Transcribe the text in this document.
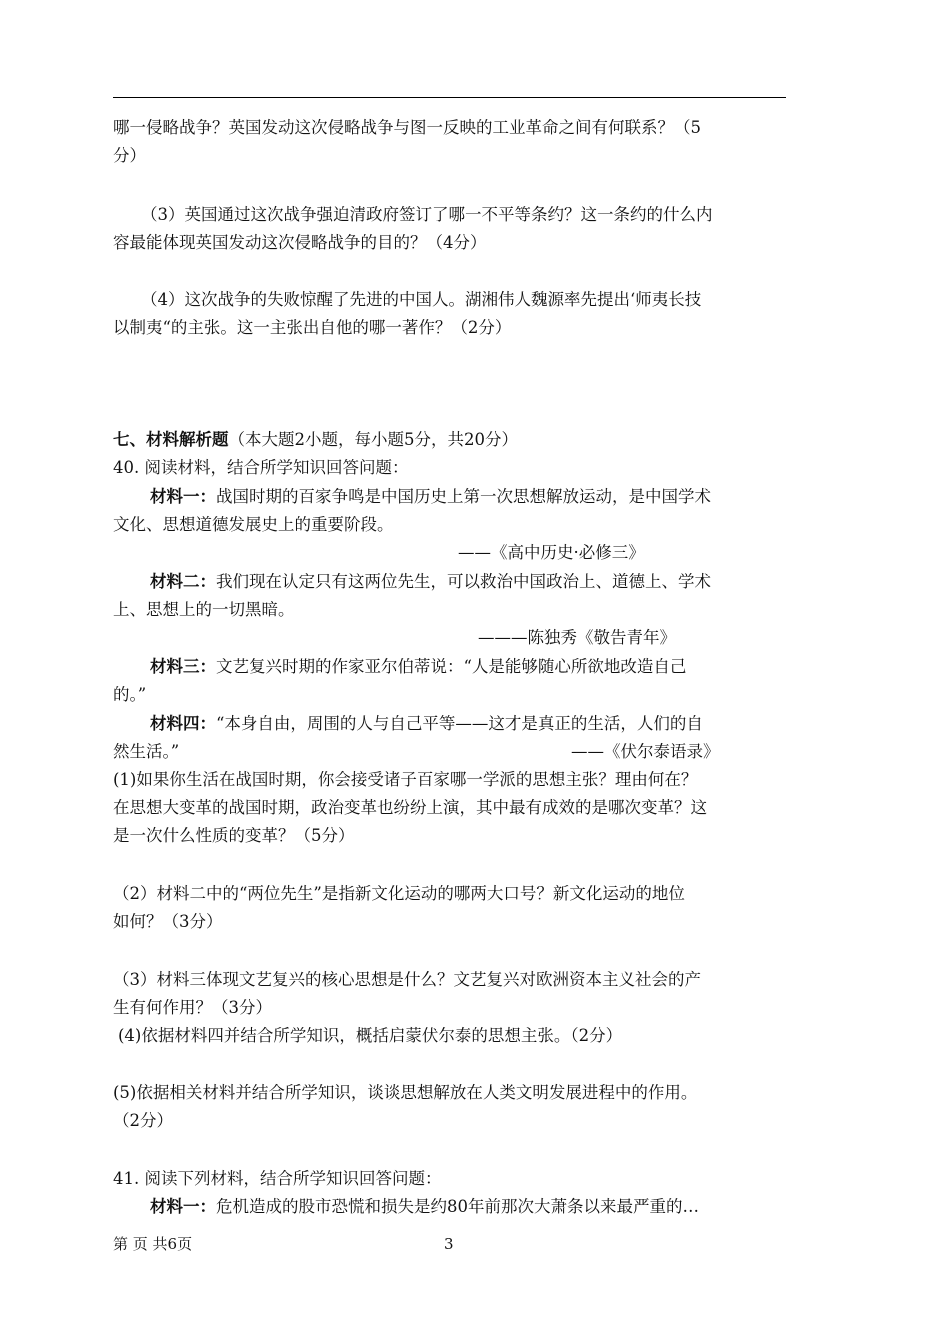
哪一侵略战争？英国发动这次侵略战争与图一反映的工业革命之间有何联系？（5
分）
（3）英国通过这次战争强迫清政府签订了哪一不平等条约？这一条约的什么内
容最能体现英国发动这次侵略战争的目的？（4分）
（4）这次战争的失败惊醒了先进的中国人。湖湘伟人魏源率先提出‘师夷长技
以制夷“的主张。这一主张出自他的哪一著作？（2分）
七、材料解析题（本大题2小题，每小题5分，共20分）
40. 阅读材料，结合所学知识回答问题：
材料一：战国时期的百家争鸣是中国历史上第一次思想解放运动，是中国学术
文化、思想道德发展史上的重要阶段。
——《高中历史·必修三》
材料二：我们现在认定只有这两位先生，可以救治中国政治上、道德上、学术
上、思想上的一切黑暗。
———陈独秀《敬告青年》
材料三：文艺复兴时期的作家亚尔伯蒂说：“人是能够随心所欲地改造自己
的。”
材料四：“本身自由，周围的人与自己平等——这才是真正的生活，人们的自
然生活。”	——《伏尔泰语录》
(1)如果你生活在战国时期，你会接受诸子百家哪一学派的思想主张？理由何在？
在思想大变革的战国时期，政治变革也纷纷上演，其中最有成效的是哪次变革？这
是一次什么性质的变革？（5分）
（2）材料二中的“两位先生”是指新文化运动的哪两大口号？新文化运动的地位
如何？（3分）
（3）材料三体现文艺复兴的核心思想是什么？文艺复兴对欧洲资本主义社会的产
生有何作用？（3分）
(4)依据材料四并结合所学知识，概括启蒙伏尔泰的思想主张。（2分）
(5)依据相关材料并结合所学知识，谈谈思想解放在人类文明发展进程中的作用。
（2分）
41. 阅读下列材料，结合所学知识回答问题：
材料一：危机造成的股市恐慌和损失是约80年前那次大萧条以来最严重的…
第 页 共6页	3
